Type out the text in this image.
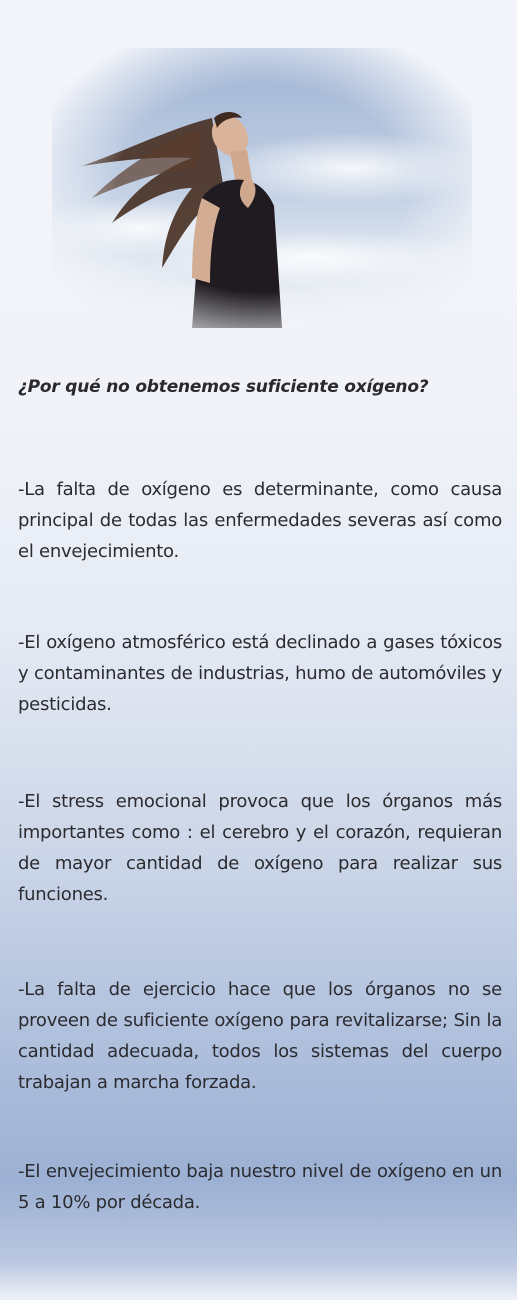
¿Por qué no obtenemos suficiente oxígeno?

-La falta de oxígeno es determinante, como causa principal de todas las enfermedades severas así como el envejecimiento.

-El oxígeno atmosférico está declinado a gases tóxicos y contaminantes de industrias, humo de automóviles y pesticidas.

-El stress emocional provoca que los órganos más importantes como : el cerebro y el corazón, requieran de mayor cantidad de oxígeno para realizar sus funciones.

-La falta de ejercicio hace que los órganos no se proveen de suficiente oxígeno para revitalizarse; Sin la cantidad adecuada, todos los sistemas del cuerpo trabajan a marcha forzada.

-El envejecimiento baja nuestro nivel de oxígeno en un 5 a 10% por década.
